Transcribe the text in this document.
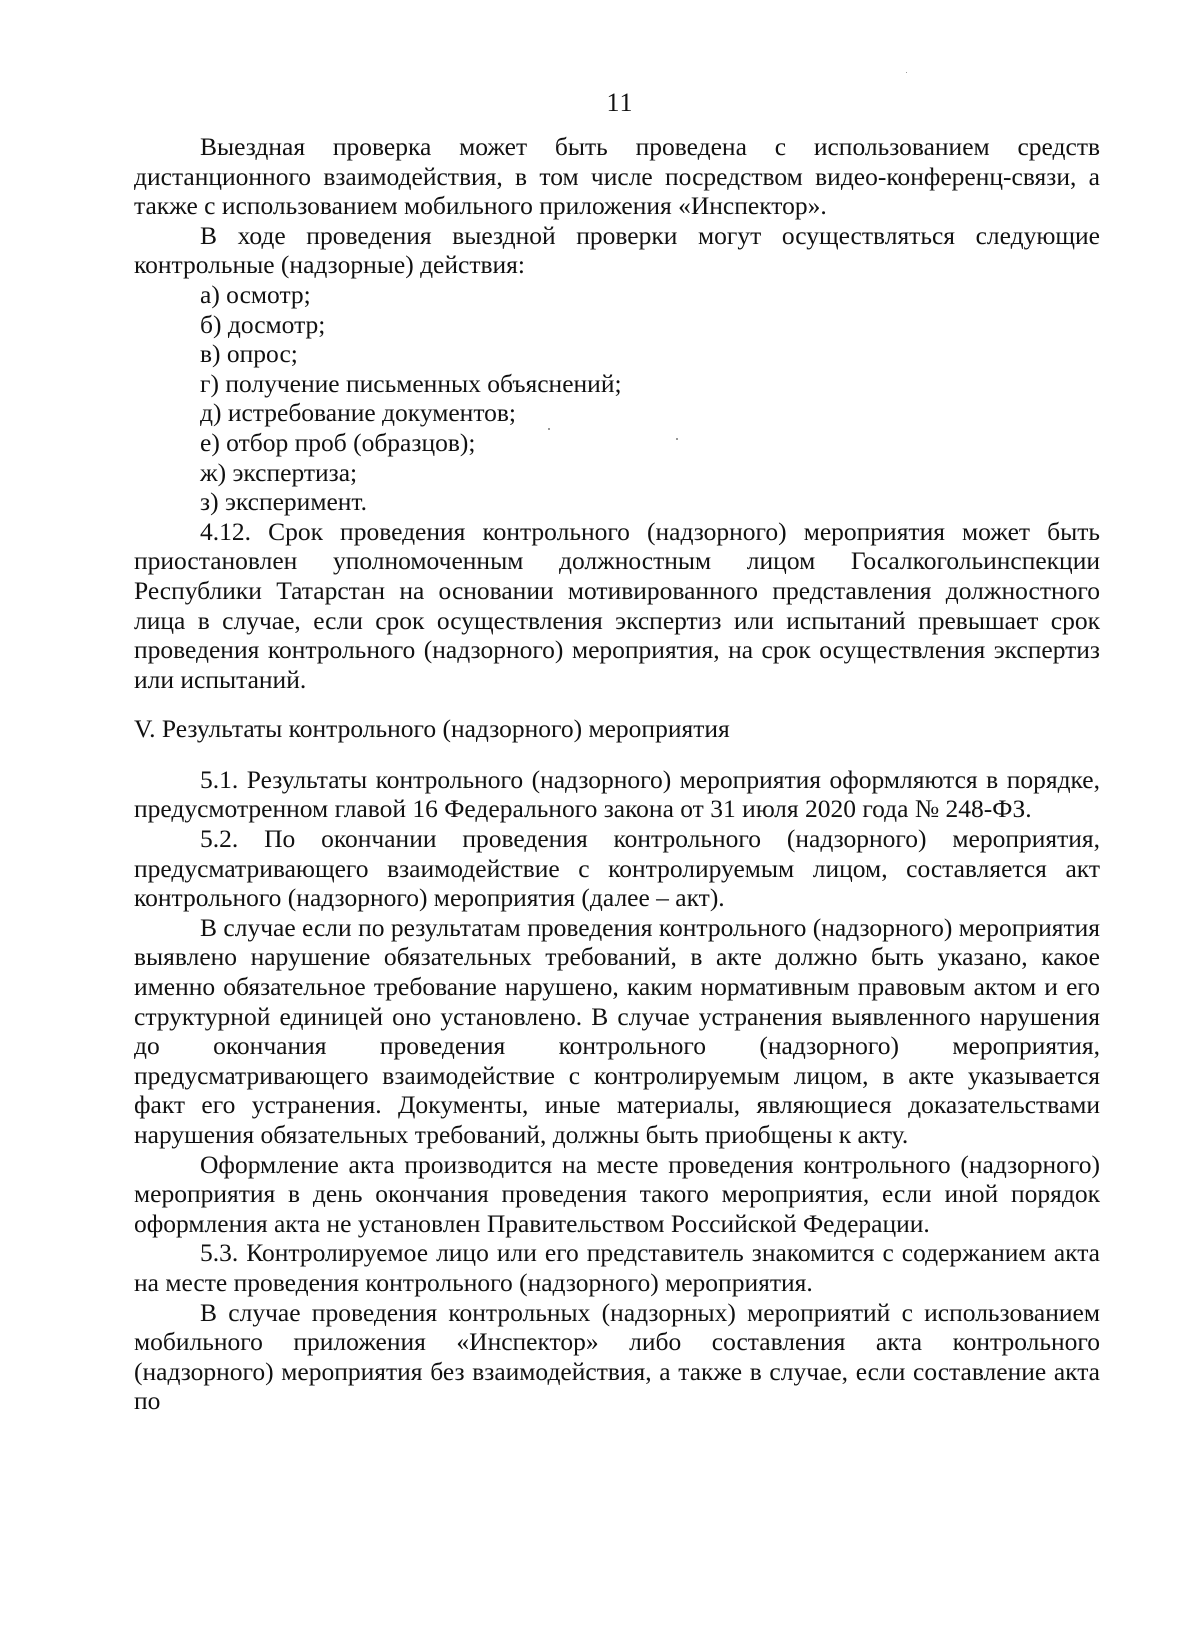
11

Выездная проверка может быть проведена с использованием средств дистанционного взаимодействия, в том числе посредством видео-конференц-связи, а также с использованием мобильного приложения «Инспектор».

В ходе проведения выездной проверки могут осуществляться следующие контрольные (надзорные) действия:

а) осмотр;

б) досмотр;

в) опрос;

г) получение письменных объяснений;

д) истребование документов;

е) отбор проб (образцов);

ж) экспертиза;

з) эксперимент.

4.12. Срок проведения контрольного (надзорного) мероприятия может быть приостановлен уполномоченным должностным лицом Госалкогольинспекции Республики Татарстан на основании мотивированного представления должностного лица в случае, если срок осуществления экспертиз или испытаний превышает срок проведения контрольного (надзорного) мероприятия, на срок осуществления экспертиз или испытаний.

V. Результаты контрольного (надзорного) мероприятия

5.1. Результаты контрольного (надзорного) мероприятия оформляются в порядке, предусмотренном главой 16 Федерального закона от 31 июля 2020 года № 248-ФЗ.

5.2. По окончании проведения контрольного (надзорного) мероприятия, предусматривающего взаимодействие с контролируемым лицом, составляется акт контрольного (надзорного) мероприятия (далее – акт).

В случае если по результатам проведения контрольного (надзорного) мероприятия выявлено нарушение обязательных требований, в акте должно быть указано, какое именно обязательное требование нарушено, каким нормативным правовым актом и его структурной единицей оно установлено. В случае устранения выявленного нарушения до окончания проведения контрольного (надзорного) мероприятия, предусматривающего взаимодействие с контролируемым лицом, в акте указывается факт его устранения. Документы, иные материалы, являющиеся доказательствами нарушения обязательных требований, должны быть приобщены к акту.

Оформление акта производится на месте проведения контрольного (надзорного) мероприятия в день окончания проведения такого мероприятия, если иной порядок оформления акта не установлен Правительством Российской Федерации.

5.3. Контролируемое лицо или его представитель знакомится с содержанием акта на месте проведения контрольного (надзорного) мероприятия.

В случае проведения контрольных (надзорных) мероприятий с использованием мобильного приложения «Инспектор» либо составления акта контрольного (надзорного) мероприятия без взаимодействия, а также в случае, если составление акта по
